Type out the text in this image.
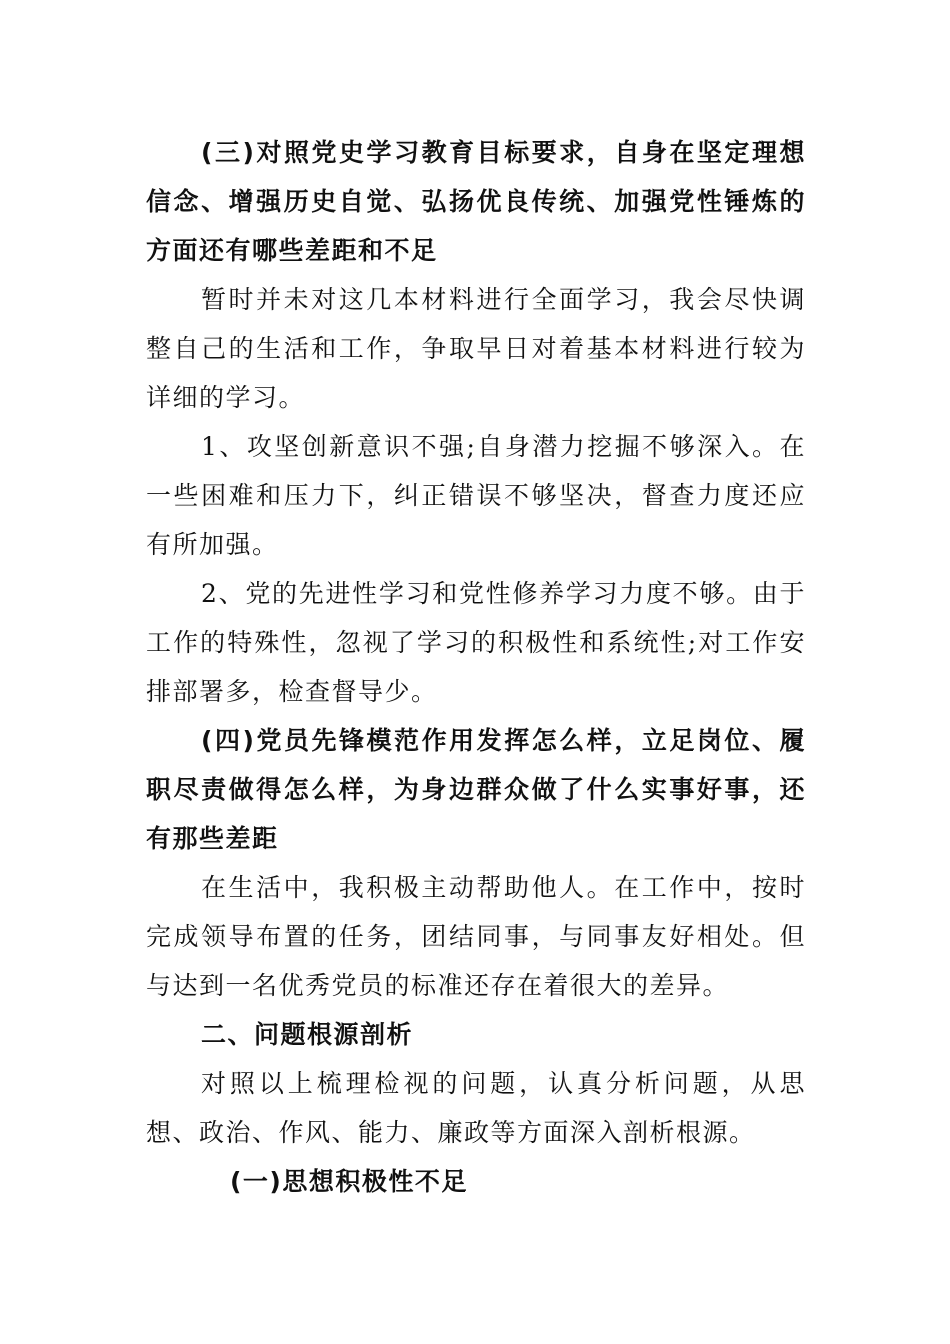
(三)对照党史学习教育目标要求，自身在坚定理想信念、增强历史自觉、弘扬优良传统、加强党性锤炼的方面还有哪些差距和不足

暂时并未对这几本材料进行全面学习，我会尽快调整自己的生活和工作，争取早日对着基本材料进行较为详细的学习。

1、攻坚创新意识不强;自身潜力挖掘不够深入。在一些困难和压力下，纠正错误不够坚决，督查力度还应有所加强。

2、党的先进性学习和党性修养学习力度不够。由于工作的特殊性，忽视了学习的积极性和系统性;对工作安排部署多，检查督导少。

(四)党员先锋模范作用发挥怎么样，立足岗位、履职尽责做得怎么样，为身边群众做了什么实事好事，还有那些差距

在生活中，我积极主动帮助他人。在工作中，按时完成领导布置的任务，团结同事，与同事友好相处。但与达到一名优秀党员的标准还存在着很大的差异。

二、问题根源剖析

对照以上梳理检视的问题，认真分析问题，从思想、政治、作风、能力、廉政等方面深入剖析根源。

(一)思想积极性不足
